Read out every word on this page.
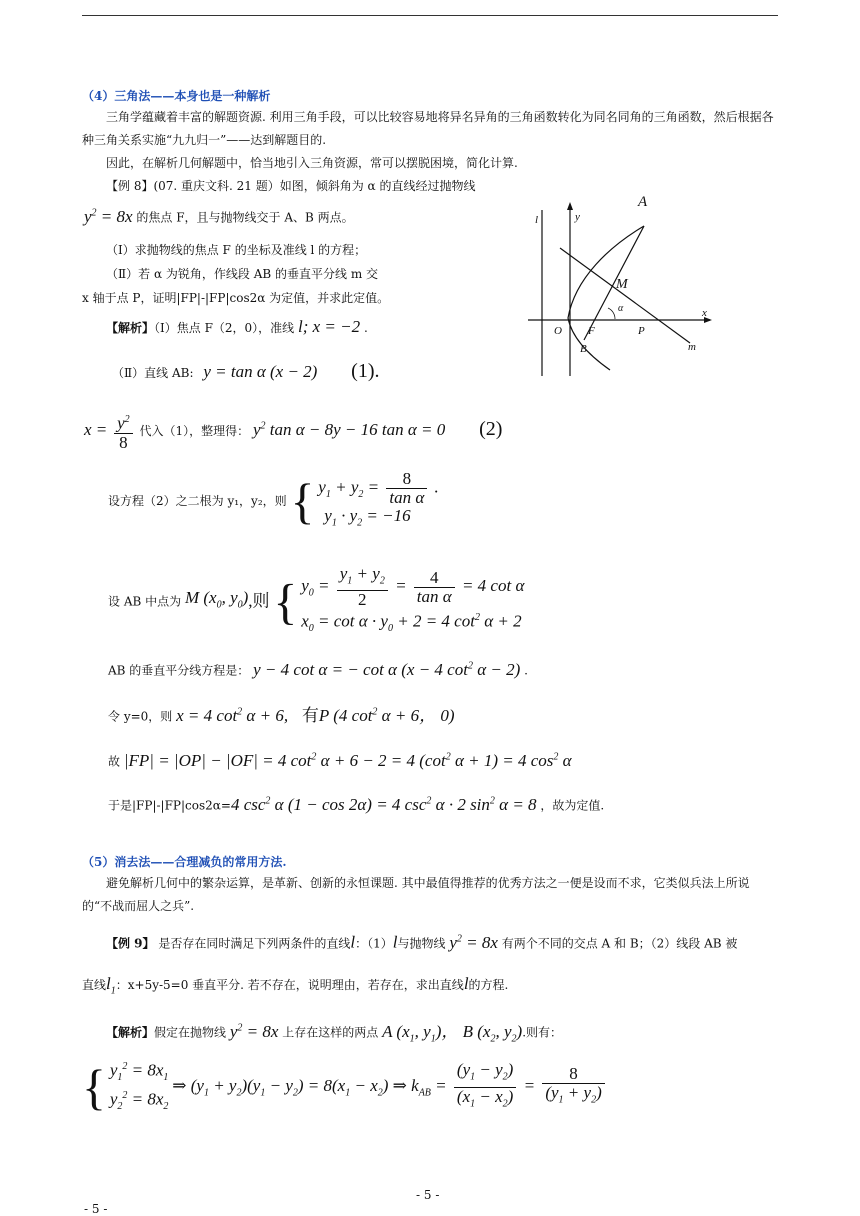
（4）三角法——本身也是一种解析
三角学蕴藏着丰富的解题资源. 利用三角手段，可以比较容易地将异名异角的三角函数转化为同名同角的三角函数，然后根据各种三角关系实施“九九归一”——达到解题目的.
因此，在解析几何解题中，恰当地引入三角资源，常可以摆脱困境，简化计算.
【例 8】(07. 重庆文科. 21 题）如图，倾斜角为 α 的直线经过抛物线
$y^2 = 8x$ 的焦点 F，且与抛物线交于 A、B 两点。
（Ⅰ）求抛物线的焦点 F 的坐标及准线 l 的方程；
（Ⅱ）若 α 为锐角，作线段 AB 的垂直平分线 m 交
x 轴于点 P，证明|FP|-|FP|cos2α 为定值，并求此定值。
【解析】（Ⅰ）焦点 F（2，0），准线 l; x = −2 .
（Ⅱ）直线 AB: y = tan α (x − 2) (1).
$x = \frac{y^2}{8}$ 代入（1），整理得： $y^2$ tan α − 8y − 16 tan α = 0 (2)
设方程（2）之二根为 y₁，y₂，则 { $y_1 + y_2 = \frac{8}{\text{tan α}}$ .
$y_1 \cdot y_2 = -16$
设 AB 中点为 M ($x_0$, $y_0$),则 { $y_0 = \frac{y_1 + y_2}{2} = \frac{4}{\text{tan α}} = 4$ cot α
$x_0 = \cot \alpha \cdot y_0 + 2 = 4$ $\cot^2 \alpha + 2$
AB 的垂直平分线方程是： y − 4 cot α = − cot α (x − 4 $\cot^2 \alpha - 2$) .
令 y=0，则 x = 4 $\cot^2 \alpha + 6$, 有P (4 $\cot^2 \alpha + 6$， 0)
故 |FP| = |OP| − |OF| = 4 $\cot^2 \alpha + 6 - 2 = 4$ ($\cot^2$ α + 1) = 4 $\cos^2 \alpha$
于是|FP|-|FP|cos2α=4 $\csc^2 \alpha$ (1 − cos 2α) = 4 $\csc^2 \alpha \cdot 2$ $\sin^2 \alpha = 8$ ，故为定值.
（5）消去法——合理减负的常用方法.
避免解析几何中的繁杂运算，是革新、创新的永恒课题. 其中最值得推荐的优秀方法之一便是设而不求，它类似兵法上所说的“不战而屈人之兵”.
【例 9】 是否存在同时满足下列两条件的直线l：（1）l与抛物线 $y^2 = 8x$ 有两个不同的交点 A 和 B；（2）线段 AB 被
直线$l_1$：x+5y-5=0 垂直平分. 若不存在，说明理由，若存在，求出直线l的方程.
【解析】假定在抛物线 $y^2 = 8x$ 上存在这样的两点 A ($x_1$, $y_1$)， B ($x_2$, $y_2$).则有：
{ $y_1^2 = 8x_1$
$y_2^2 = 8x_2$
⇒ $(y_1 + y_2)(y_1 - y_2) = 8(x_1 - x_2)$ ⇒ $k_{AB} = \frac{(y_1 - y_2)}{(x_1 - x_2)} = \frac{8}{(y_1 + y_2)}$
A
l	y
M
α
O F	P
x
B	m
- 5 -
- 5 -
